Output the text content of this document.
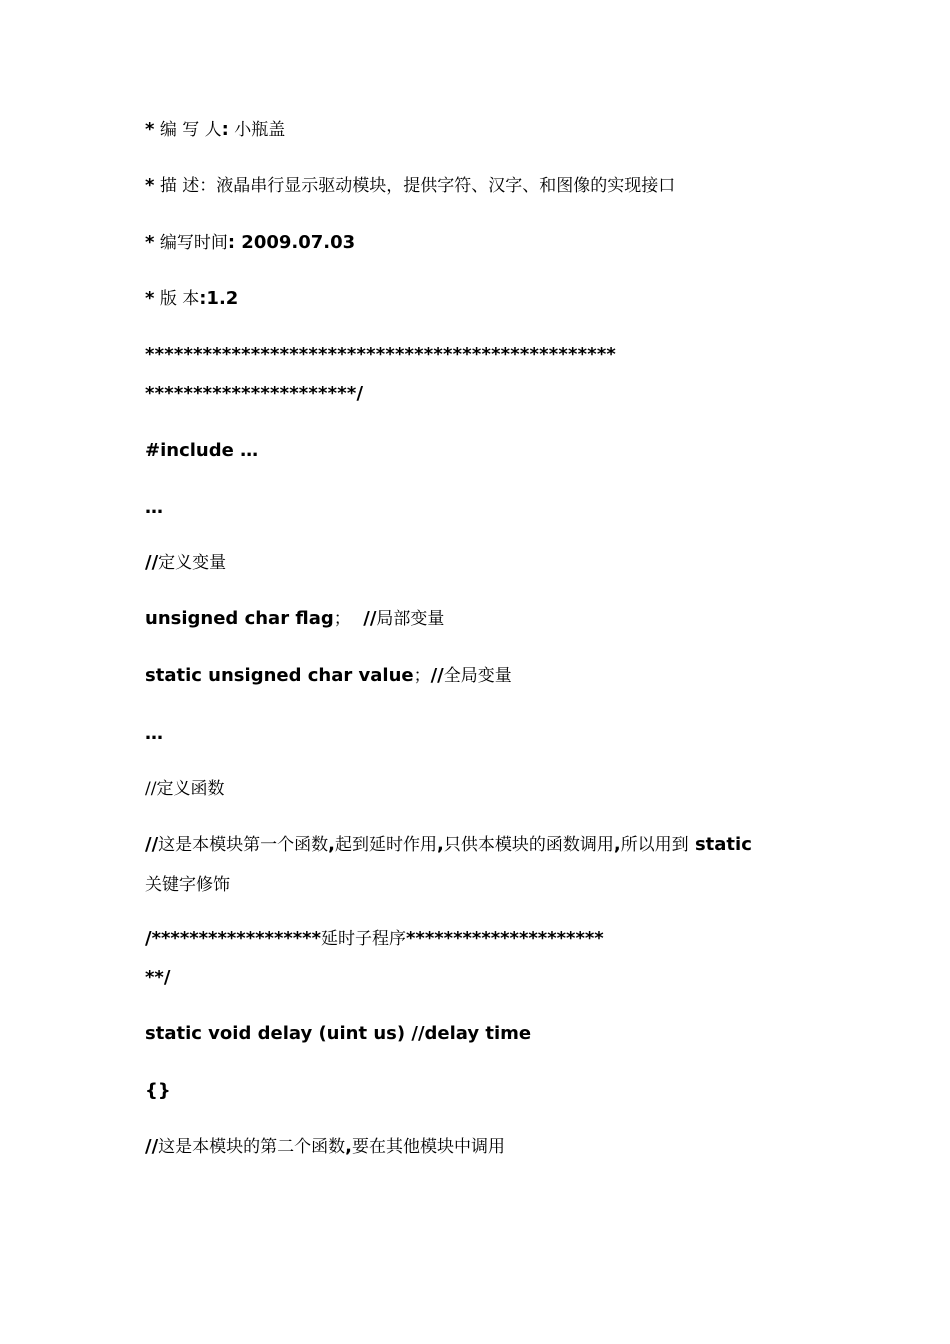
* 编 写 人: 小瓶盖
* 描 述：液晶串行显示驱动模块，提供字符、汉字、和图像的实现接口
* 编写时间: 2009.07.03
* 版 本:1.2
*************************************************
**********************/
#include …
…
//定义变量
unsigned char flag；  //局部变量
static unsigned char value；//全局变量
…
//定义函数
//这是本模块第一个函数,起到延时作用,只供本模块的函数调用,所以用到 static
关键字修饰
/******************延时子程序*********************
**/
static void delay (uint us) //delay time
{}
//这是本模块的第二个函数,要在其他模块中调用
